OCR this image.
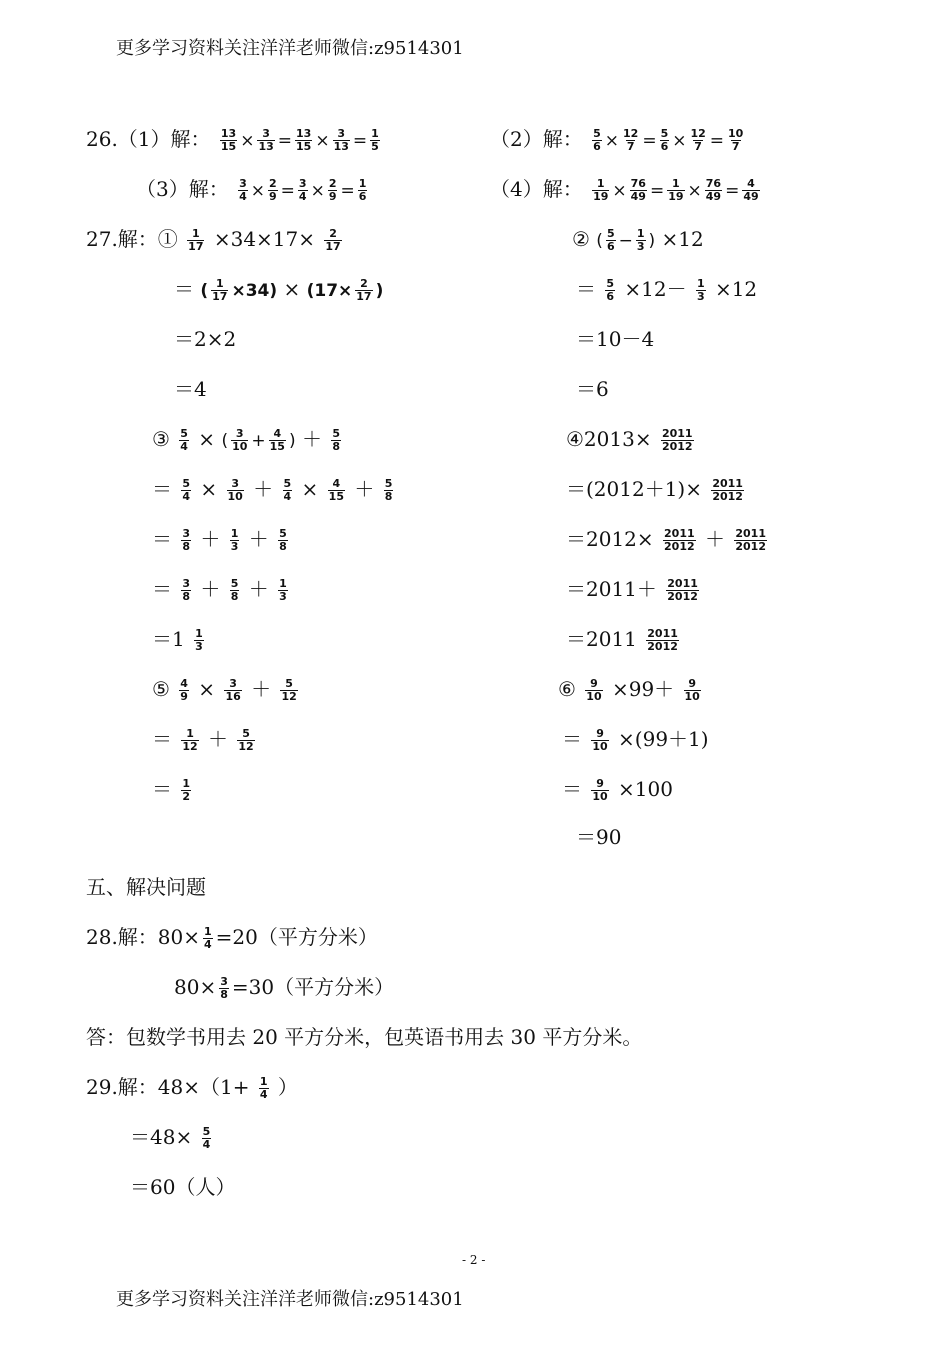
更多学习资料关注洋洋老师微信:z9514301
26.（1）解： $\frac{13}{15} \times \frac{3}{13} = \frac{13}{15} \times \frac{3}{13} = \frac{1}{5}$	（2）解： $\frac{5}{6} \times \frac{12}{7} = \frac{5}{6} \times \frac{12}{7} = \frac{10}{7}$
（3）解： $\frac{3}{4} \times \frac{2}{9} = \frac{3}{4} \times \frac{2}{9} = \frac{1}{6}$	（4）解： $\frac{1}{19} \times \frac{76}{49} = \frac{1}{19} \times \frac{76}{49} = \frac{4}{49}$
27.解：① $\frac{1}{17} \times 34\times 17\times \frac{2}{17}$
＝ ( $\frac{1}{17} \times 34) \times (17\times \frac{2}{17}$ )
＝2×2
＝4
② ( $\frac{5}{6} - \frac{1}{3}$ ) ×12
＝ $\frac{5}{6} \times 12- \frac{1}{3} \times 12$
＝10－4
＝6
③ $\frac{5}{4}$ × ( $\frac{3}{10} + \frac{4}{15}$ ) ＋ $\frac{5}{8}$
＝ $\frac{5}{4} \times \frac{3}{10} + \frac{5}{4} \times \frac{4}{15} + \frac{5}{8}$
＝ $\frac{3}{8} + \frac{1}{3} + \frac{5}{8}$
＝ $\frac{3}{8} + \frac{5}{8} + \frac{1}{3}$
$=1 \frac{1}{3}$
④2013× $\frac{2011}{2012}$
$=(2012+1)\times \frac{2011}{2012}$
$=2012\times \frac{2011}{2012} + \frac{2011}{2012}$
$=2011+ \frac{2011}{2012}$
$=2011 \frac{2011}{2012}$
⑤ $\frac{4}{9} \times \frac{3}{16} + \frac{5}{12}$
＝ $\frac{1}{12} + \frac{5}{12}$
＝ $\frac{1}{2}$
⑥ $\frac{9}{10} \times 99+ \frac{9}{10}$
＝ $\frac{9}{10} \times(99+1)$
＝ $\frac{9}{10} \times 100$
＝90
五、解决问题
28.解：$80\times \frac{1}{4} =20$（平方分米）
$80\times \frac{3}{8} =30$（平方分米）
答：包数学书用去 20 平方分米，包英语书用去 30 平方分米。
29.解：$48\times(1+ \frac{1}{4}$ ）
$=48\times \frac{5}{4}$
＝60（人）
- 2 -
更多学习资料关注洋洋老师微信:z9514301
